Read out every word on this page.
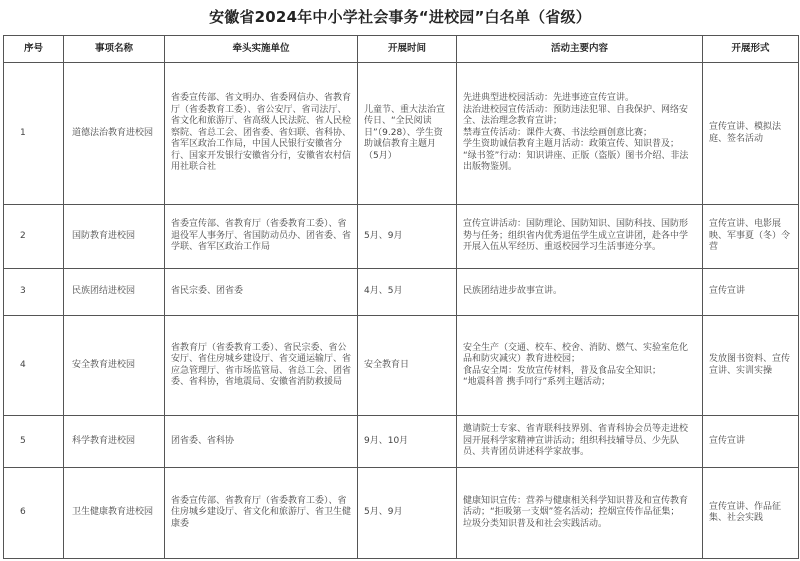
安徽省2024年中小学社会事务“进校园”白名单（省级）
序号	事项名称	牵头实施单位	开展时间	活动主要内容	开展形式
1	道德法治教育进校园	省委宣传部、省文明办、省委网信办、省教育厅（省委教育工委）、省公安厅、省司法厅、省文化和旅游厅、省高级人民法院、省人民检察院、省总工会、团省委、省妇联、省科协、省军区政治工作局，中国人民银行安徽省分行、国家开发银行安徽省分行，安徽省农村信用社联合社	儿童节、重大法治宣传日、“全民阅读日”（9.28）、学生资助诚信教育主题月（5月）	先进典型进校园活动：先进事迹宣传宣讲。
法治进校园宣传活动：预防违法犯罪、自我保护、网络安全、法治理念教育宣讲；
禁毒宣传活动：课件大赛、书法绘画创意比赛；
学生资助诚信教育主题月活动：政策宣传、知识普及；
“绿书签”行动：知识讲座、正版（盗版）图书介绍、非法出版物鉴别。	宣传宣讲、模拟法庭、签名活动
2	国防教育进校园	省委宣传部、省教育厅（省委教育工委）、省退役军人事务厅、省国防动员办、团省委、省学联、省军区政治工作局	5月、9月	宣传宣讲活动：国防理论、国防知识、国防科技、国防形势与任务；组织省内优秀退伍学生成立宣讲团，赴各中学开展入伍从军经历、重返校园学习生活事迹分享。	宣传宣讲、电影展映、军事夏（冬）令营
3	民族团结进校园	省民宗委、团省委	4月、5月	民族团结进步故事宣讲。	宣传宣讲
4	安全教育进校园	省教育厅（省委教育工委）、省民宗委、省公安厅、省住房城乡建设厅、省交通运输厅、省应急管理厅、省市场监管局、省总工会、团省委、省科协，省地震局、安徽省消防救援局	安全教育日	安全生产（交通、校车、校舍、消防、燃气、实验室危化品和防灾减灾）教育进校园；
食品安全周：发放宣传材料，普及食品安全知识；
“地震科普 携手同行”系列主题活动；	发放图书资料、宣传宣讲、实训实操
5	科学教育进校园	团省委、省科协	9月、10月	邀请院士专家、省青联科技界别、省青科协会员等走进校园开展科学家精神宣讲活动；组织科技辅导员、少先队员、共青团员讲述科学家故事。	宣传宣讲
6	卫生健康教育进校园	省委宣传部、省教育厅（省委教育工委）、省住房城乡建设厅、省文化和旅游厅、省卫生健康委	5月、9月	健康知识宣传：营养与健康相关科学知识普及和宣传教育活动；“拒吸第一支烟”签名活动；控烟宣传作品征集；
垃圾分类知识普及和社会实践活动。	宣传宣讲、作品征集、社会实践
